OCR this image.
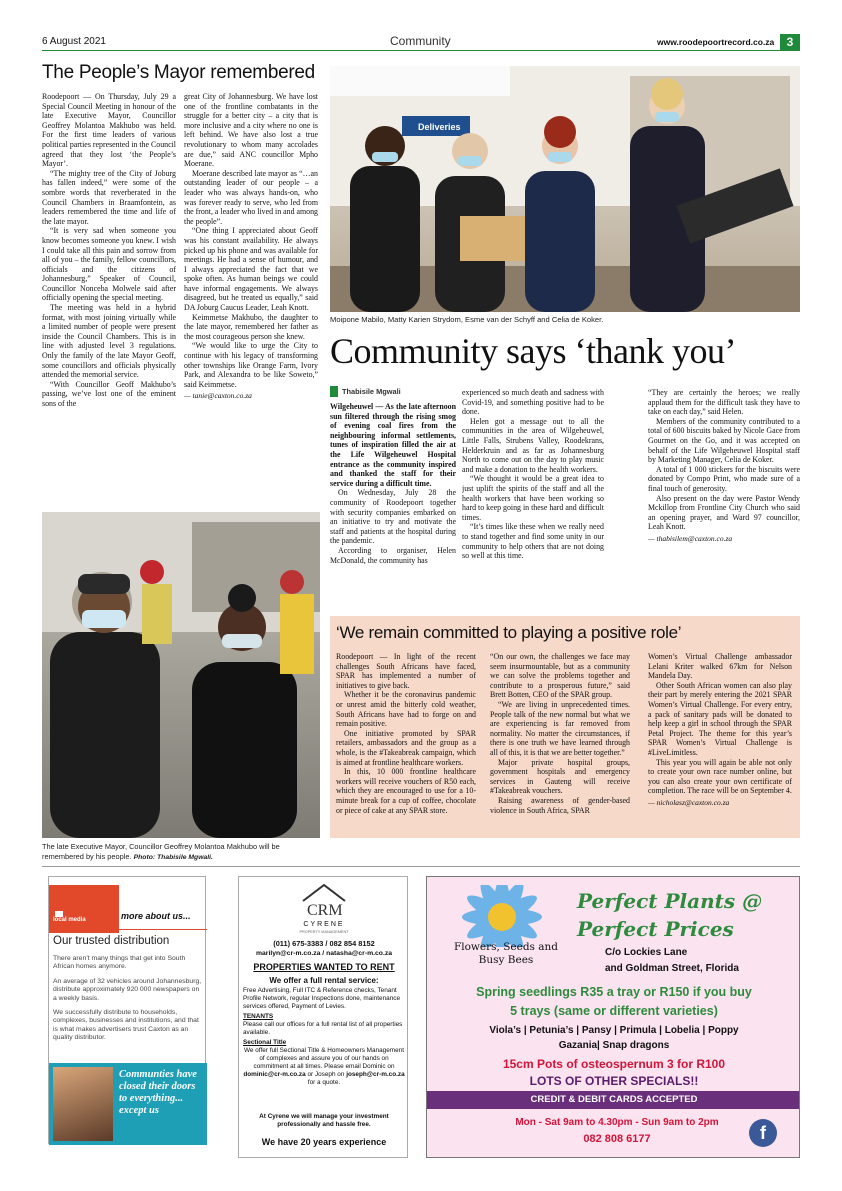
6 August 2021	Community	www.roodepoortrecord.co.za	3
The People’s Mayor remembered

Roodepoort — On Thursday, July 29 a Special Council Meeting in honour of the late Executive Mayor, Councillor Geoffrey Molantoa Makhubo was held. For the first time leaders of various political parties represented in the Council agreed that they lost ‘the People’s Mayor’.

“The mighty tree of the City of Joburg has fallen indeed,” were some of the sombre words that reverberated in the Council Chambers in Braamfontein, as leaders remembered the time and life of the late mayor.

“It is very sad when someone you know becomes someone you knew. I wish I could take all this pain and sorrow from all of you – the family, fellow councillors, officials and the citizens of Johannesburg,” Speaker of Council, Councillor Nonceba Molwele said after officially opening the special meeting.

The meeting was held in a hybrid format, with most joining virtually while a limited number of people were present inside the Council Chambers. This is in line with adjusted level 3 regulations. Only the family of the late Mayor Geoff, some councillors and officials physically attended the memorial service.

“With Councillor Geoff Makhubo’s passing, we’ve lost one of the eminent sons of the

great City of Johannesburg. We have lost one of the frontline combatants in the struggle for a better city – a city that is more inclusive and a city where no one is left behind. We have also lost a true revolutionary to whom many accolades are due,” said ANC councillor Mpho Moerane.

Moerane described late mayor as “…an outstanding leader of our people – a leader who was always hands-on, who was forever ready to serve, who led from the front, a leader who lived in and among the people”.

“One thing I appreciated about Geoff was his constant availability. He always picked up his phone and was available for meetings. He had a sense of humour, and I always appreciated the fact that we spoke often. As human beings we could have informal engagements. We always disagreed, but he treated us equally,” said DA Joburg Caucus Leader, Leah Knott.

Keimmetse Makhubo, the daughter to the late mayor, remembered her father as the most courageous person she knew.

“We would like to urge the City to continue with his legacy of transforming other townships like Orange Farm, Ivory Park, and Alexandra to be like Soweto,” said Keimmetse.

— tanie@caxton.co.za
The late Executive Mayor, Councillor Geoffrey Molantoa Makhubo will be remembered by his people. Photo: Thabisile Mgwali.
Deliveries
Moipone Mabilo, Matty Karien Strydom, Esme van der Schyff and Celia de Koker.
Community says ‘thank you’
Thabisile Mgwali

Wilgeheuwel — As the late afternoon sun filtered through the rising smog of evening coal fires from the neighbouring informal settlements, tunes of inspiration filled the air at the Life Wilgeheuwel Hospital entrance as the community inspired and thanked the staff for their service during a difficult time.

On Wednesday, July 28 the community of Roodepoort together with security companies embarked on an initiative to try and motivate the staff and patients at the hospital during the pandemic.

According to organiser, Helen McDonald, the community has

experienced so much death and sadness with Covid-19, and something positive had to be done.

Helen got a message out to all the communities in the area of Wilgeheuwel, Little Falls, Strubens Valley, Roodekrans, Helderkruin and as far as Johannesburg North to come out on the day to play music and make a donation to the health workers.

“We thought it would be a great idea to just uplift the spirits of the staff and all the health workers that have been working so hard to keep going in these hard and difficult times.

“It’s times like these when we really need to stand together and find some unity in our community to help others that are not doing so well at this time.

“They are certainly the heroes; we really applaud them for the difficult task they have to take on each day,” said Helen.

Members of the community contributed to a total of 600 biscuits baked by Nicole Gace from Gourmet on the Go, and it was accepted on behalf of the Life Wilgeheuwel Hospital staff by Marketing Manager, Celia de Koker.

A total of 1 000 stickers for the biscuits were donated by Compo Print, who made sure of a final touch of generosity.

Also present on the day were Pastor Wendy Mckillop from Frontline City Church who said an opening prayer, and Ward 97 councillor, Leah Knott.

— thabisilem@caxton.co.za
‘We remain committed to playing a positive role’

Roodepoort — In light of the recent challenges South Africans have faced, SPAR has implemented a number of initiatives to give back.

Whether it be the coronavirus pandemic or unrest amid the bitterly cold weather, South Africans have had to forge on and remain positive.

One initiative promoted by SPAR retailers, ambassadors and the group as a whole, is the #Takeabreak campaign, which is aimed at frontline healthcare workers.

In this, 10 000 frontline healthcare workers will receive vouchers of R50 each, which they are encouraged to use for a 10-minute break for a cup of coffee, chocolate or piece of cake at any SPAR store.

“On our own, the challenges we face may seem insurmountable, but as a community we can solve the problems together and contribute to a prosperous future,” said Brett Botten, CEO of the SPAR group.

“We are living in unprecedented times. People talk of the new normal but what we are experiencing is far removed from normality. No matter the circumstances, if there is one truth we have learned through all of this, it is that we are better together.”

Major private hospital groups, government hospitals and emergency services in Gauteng will receive #Takeabreak vouchers.

Raising awareness of gender-based violence in South Africa, SPAR

Women’s Virtual Challenge ambassador Lelani Kriter walked 67km for Nelson Mandela Day.

Other South African women can also play their part by merely entering the 2021 SPAR Women’s Virtual Challenge. For every entry, a pack of sanitary pads will be donated to help keep a girl in school through the SPAR Petal Project. The theme for this year’s SPAR Women’s Virtual Challenge is #LiveLimitless.

This year you will again be able not only to create your own race number online, but you can also create your own certificate of completion. The race will be on September 4.

— nicholasz@caxton.co.za
local media	more about us...
Our trusted distribution

There aren’t many things that get into South African homes anymore.

An average of 32 vehicles around Johannesburg, distribute approximately 920 000 newspapers on a weekly basis.

We successfully distribute to households, complexes, businesses and institutions, and that is what makes advertisers trust Caxton as an quality distributor.

Communties have closed their doors to everything... except us
CRM
CYRENE
PROPERTY MANAGEMENT
(011) 675-3383 / 082 854 8152
marilyn@cr-m.co.za / natasha@cr-m.co.za
PROPERTIES WANTED TO RENT
We offer a full rental service:

Free Advertising, Full ITC & Reference checks, Tenant Profile Network, regular Inspections done, maintenance services offered, Payment of Levies.

TENANTS

Please call our offices for a full rental list of all properties available.

Sectional Title

We offer full Sectional Title & Homeowners Management of complexes and assure you of our hands on commitment at all times. Please email Dominic on dominic@cr-m.co.za or Joseph on joseph@cr-m.co.za for a quote.

At Cyrene we will manage your investment professionally and hassle free.
We have 20 years experience
Flowers, Seeds and Busy Bees
Perfect Plants @
Perfect Prices
C/o Lockies Lane
and Goldman Street, Florida
Spring seedlings R35 a tray or R150 if you buy
5 trays (same or different varieties)
Viola’s | Petunia’s | Pansy | Primula | Lobelia | Poppy
Gazania| Snap dragons
15cm Pots of osteospernum 3 for R100
LOTS OF OTHER SPECIALS!!
CREDIT & DEBIT CARDS ACCEPTED
Mon - Sat 9am to 4.30pm - Sun 9am to 2pm
082 808 6177	f
